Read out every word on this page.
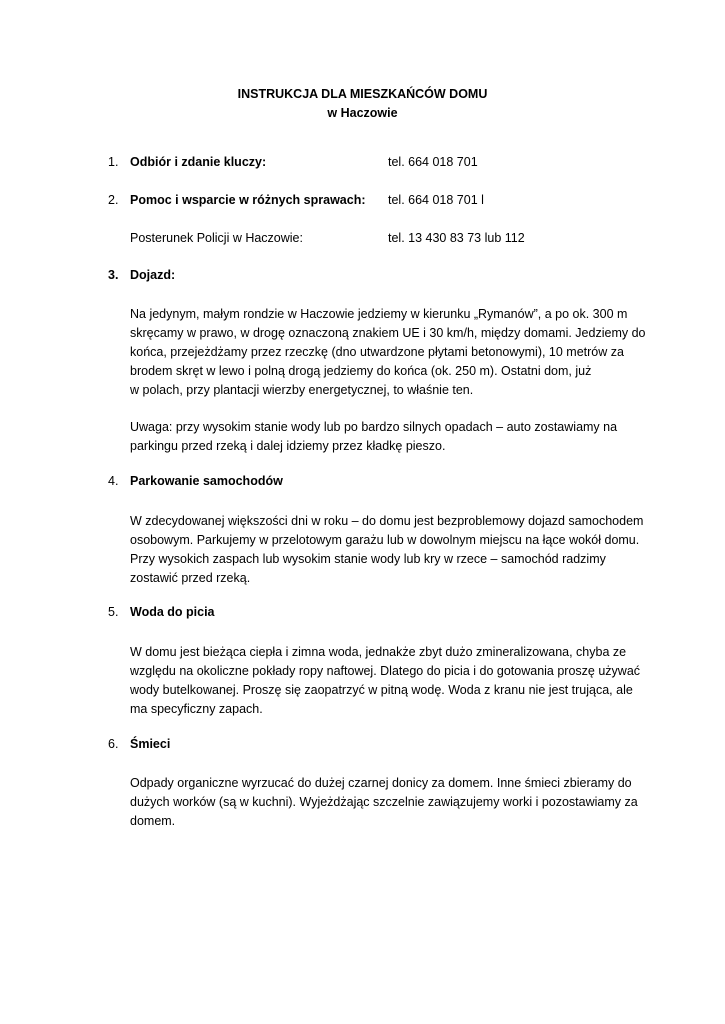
INSTRUKCJA DLA MIESZKAŃCÓW DOMU
w Haczowie
1. Odbiór i zdanie kluczy:	tel. 664 018 701
2. Pomoc i wsparcie w różnych sprawach: tel. 664 018 701 l
Posterunek Policji w Haczowie:	tel. 13 430 83 73 lub 112
3. Dojazd:
Na jedynym, małym rondzie w Haczowie jedziemy w kierunku „Rymanów”, a po ok. 300 m
skręcamy w prawo, w drogę oznaczoną znakiem UE i 30 km/h, między domami. Jedziemy do
końca, przejeżdżamy przez rzeczkę (dno utwardzone płytami betonowymi), 10 metrów za
brodem skręt w lewo i polną drogą jedziemy do końca (ok. 250 m). Ostatni dom, już
w polach, przy plantacji wierzby energetycznej, to właśnie ten.
Uwaga: przy wysokim stanie wody lub po bardzo silnych opadach – auto zostawiamy na
parkingu przed rzeką i dalej idziemy przez kładkę pieszo.
4. Parkowanie samochodów
W zdecydowanej większości dni w roku – do domu jest bezproblemowy dojazd samochodem
osobowym. Parkujemy w przelotowym garażu lub w dowolnym miejscu na łące wokół domu.
Przy wysokich zaspach lub wysokim stanie wody lub kry w rzece – samochód radzimy
zostawić przed rzeką.
5. Woda do picia
W domu jest bieżąca ciepła i zimna woda, jednakże zbyt dużo zmineralizowana, chyba ze
względu na okoliczne pokłady ropy naftowej. Dlatego do picia i do gotowania proszę używać
wody butelkowanej. Proszę się zaopatrzyć w pitną wodę. Woda z kranu nie jest trująca, ale
ma specyficzny zapach.
6. Śmieci
Odpady organiczne wyrzucać do dużej czarnej donicy za domem. Inne śmieci zbieramy do
dużych worków (są w kuchni). Wyjeżdżając szczelnie zawiązujemy worki i pozostawiamy za
domem.
